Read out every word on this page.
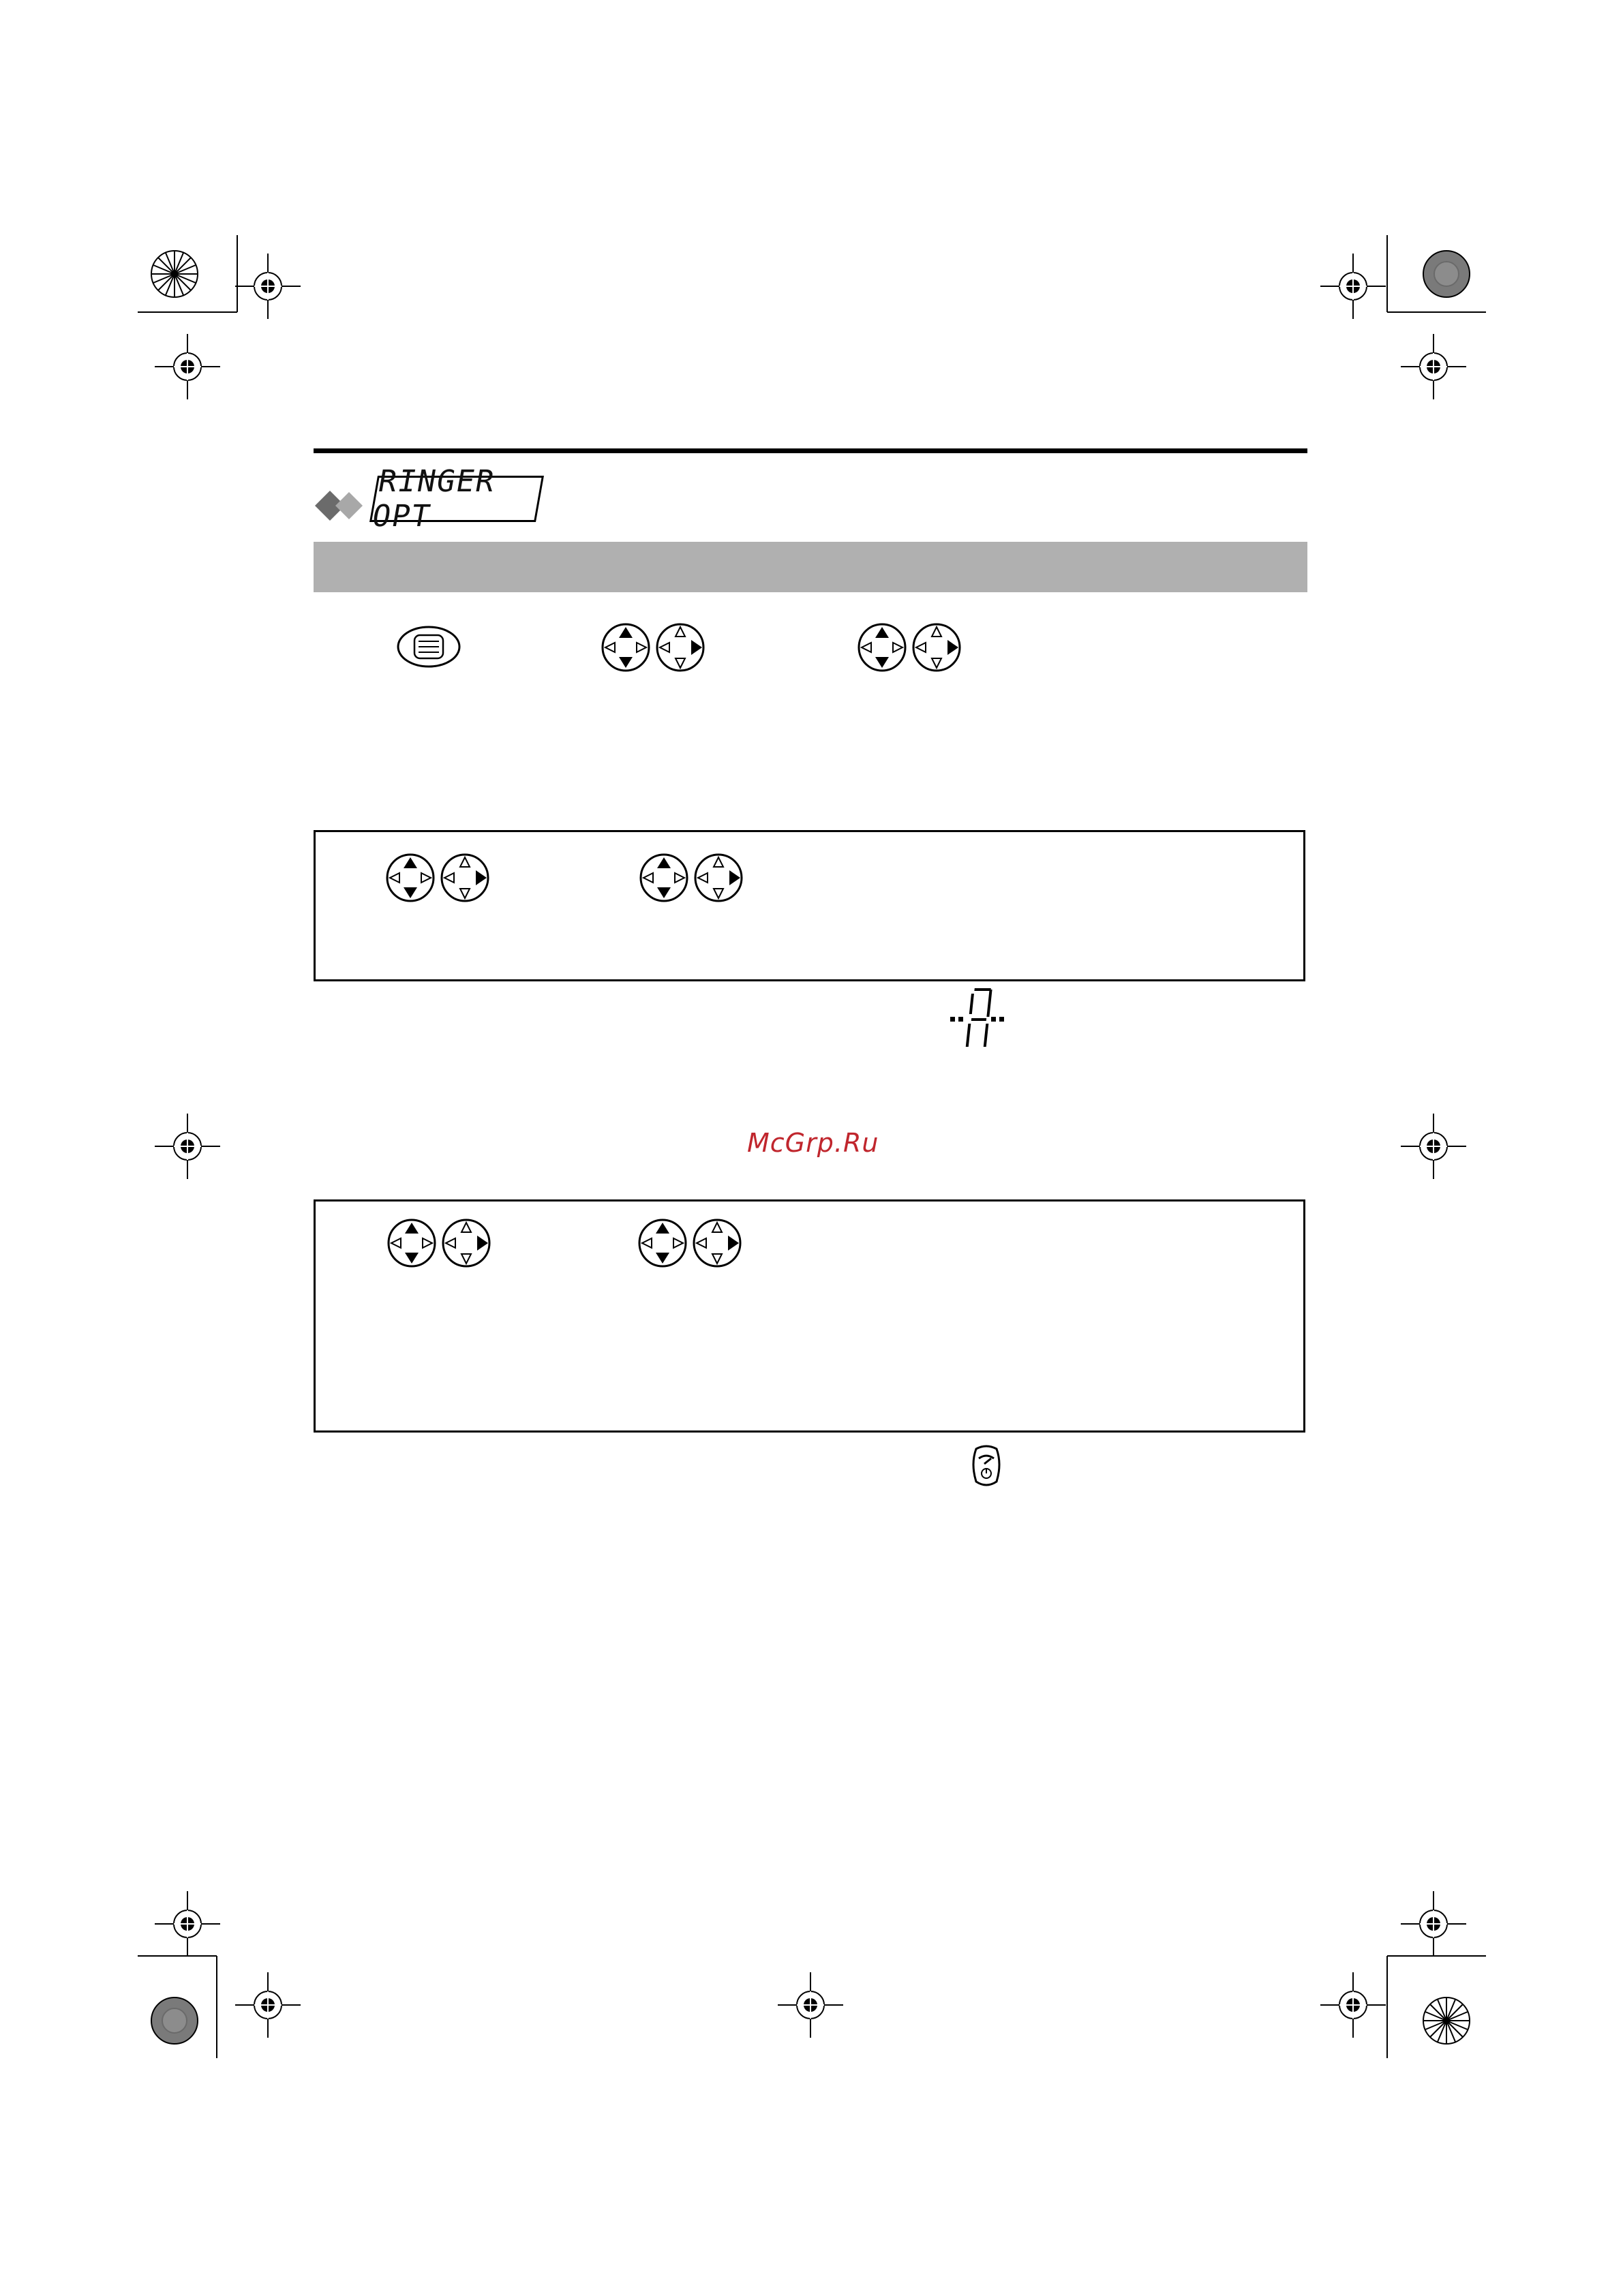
RINGER OPT
McGrp.Ru
